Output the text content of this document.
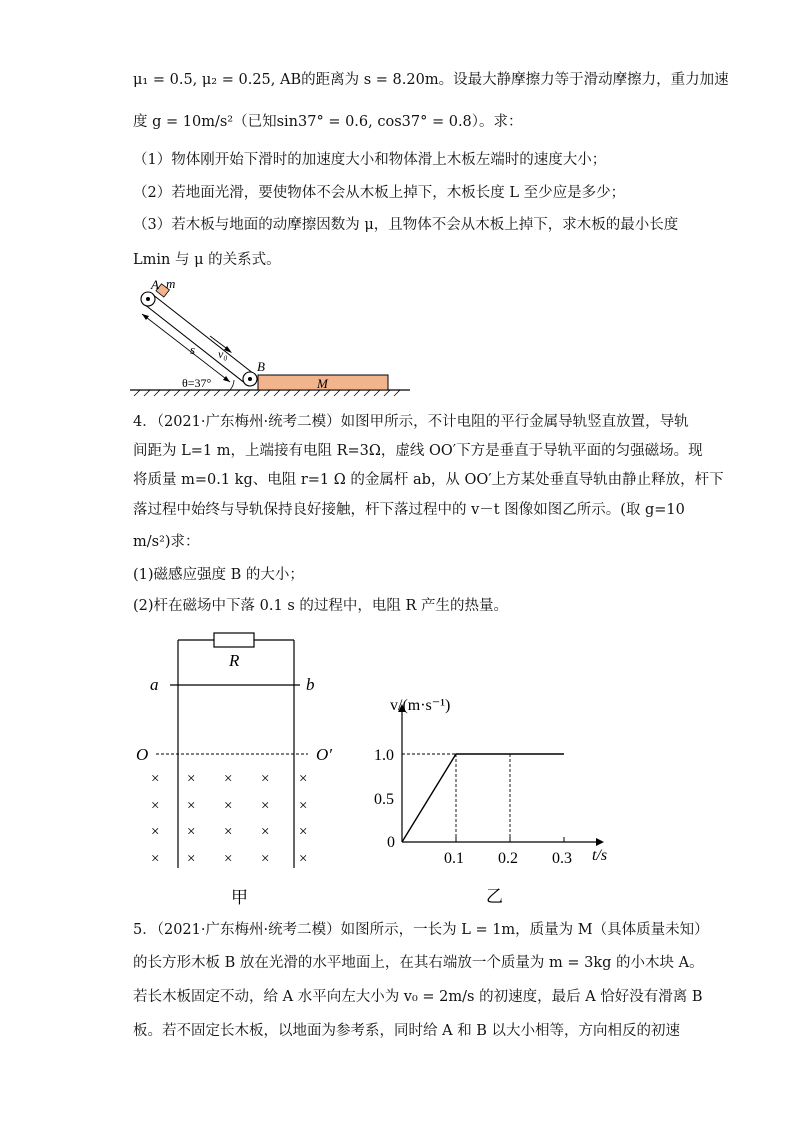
μ₁ = 0.5, μ₂ = 0.25, AB的距离为 s = 8.20m。设最大静摩擦力等于滑动摩擦力，重力加速
度 g = 10m/s²（已知sin37° = 0.6, cos37° = 0.8）。求：
（1）物体刚开始下滑时的加速度大小和物体滑上木板左端时的速度大小；
（2）若地面光滑，要使物体不会从木板上掉下，木板长度 L 至少应是多少；
（3）若木板与地面的动摩擦因数为 μ，且物体不会从木板上掉下，求木板的最小长度
Lmin 与 μ 的关系式。
A m
s v₀
B
M
θ=37°
4．（2021·广东梅州·统考二模）如图甲所示，不计电阻的平行金属导轨竖直放置，导轨
间距为 L=1 m，上端接有电阻 R=3Ω，虚线 OO′下方是垂直于导轨平面的匀强磁场。现
将质量 m=0.1 kg、电阻 r=1 Ω 的金属杆 ab，从 OO′上方某处垂直导轨由静止释放，杆下
落过程中始终与导轨保持良好接触，杆下落过程中的 v－t 图像如图乙所示。(取 g=10
m/s²)求：
(1)磁感应强度 B 的大小；
(2)杆在磁场中下落 0.1 s 的过程中，电阻 R 产生的热量。
R
a	b
O	O′
× × × × ×
× × × × ×
× × × × ×
× × × × ×
甲
v/(m·s⁻¹)
t/s
0
0.1 0.2 0.3
0.5
1.0
乙
5．（2021·广东梅州·统考二模）如图所示，一长为 L = 1m，质量为 M（具体质量未知）
的长方形木板 B 放在光滑的水平地面上，在其右端放一个质量为 m = 3kg 的小木块 A。
若长木板固定不动，给 A 水平向左大小为 v₀ = 2m/s 的初速度，最后 A 恰好没有滑离 B
板。若不固定长木板，以地面为参考系，同时给 A 和 B 以大小相等，方向相反的初速
